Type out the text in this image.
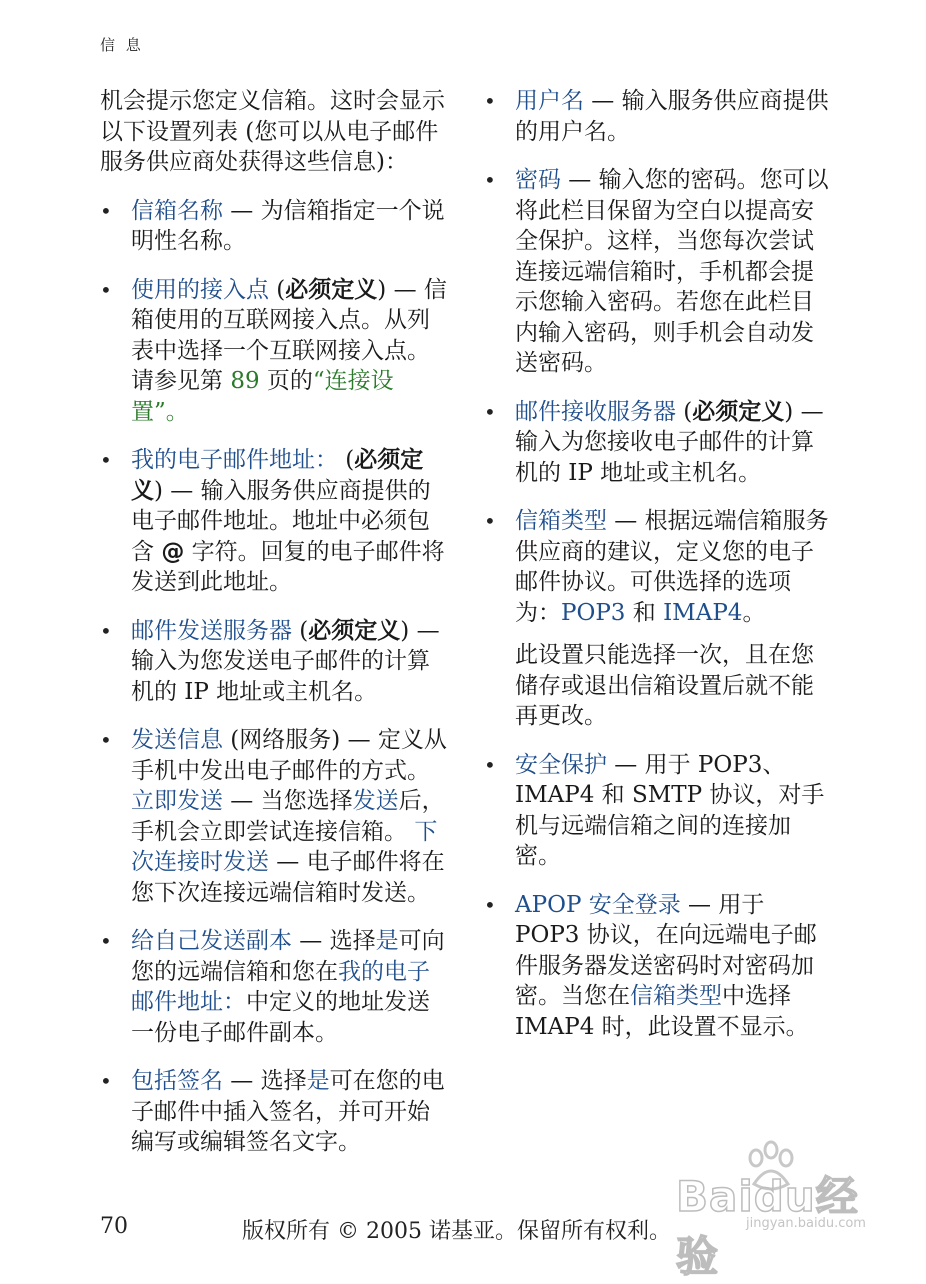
信 息

机会提示您定义信箱。这时会显示以下设置列表 (您可以从电子邮件服务供应商处获得这些信息)：

• 信箱名称 — 为信箱指定一个说明性名称。
• 使用的接入点 (必须定义) — 信箱使用的互联网接入点。从列表中选择一个互联网接入点。 请参见第 89 页的“连接设置”。
• 我的电子邮件地址： (必须定义) — 输入服务供应商提供的电子邮件地址。地址中必须包含 @ 字符。回复的电子邮件将发送到此地址。
• 邮件发送服务器 (必须定义) — 输入为您发送电子邮件的计算机的 IP 地址或主机名。
• 发送信息 (网络服务) — 定义从手机中发出电子邮件的方式。立即发送 — 当您选择发送后，手机会立即尝试连接信箱。 下次连接时发送 — 电子邮件将在您下次连接远端信箱时发送。
• 给自己发送副本 — 选择是可向您的远端信箱和您在我的电子邮件地址：中定义的地址发送一份电子邮件副本。
• 包括签名 — 选择是可在您的电子邮件中插入签名，并可开始编写或编辑签名文字。
• 用户名 — 输入服务供应商提供的用户名。
• 密码 — 输入您的密码。您可以将此栏目保留为空白以提高安全保护。这样，当您每次尝试连接远端信箱时，手机都会提示您输入密码。若您在此栏目内输入密码，则手机会自动发送密码。
• 邮件接收服务器 (必须定义) — 输入为您接收电子邮件的计算机的 IP 地址或主机名。
• 信箱类型 — 根据远端信箱服务供应商的建议，定义您的电子邮件协议。可供选择的选项为：POP3 和 IMAP4。

此设置只能选择一次，且在您储存或退出信箱设置后就不能再更改。

• 安全保护 — 用于 POP3、IMAP4 和 SMTP 协议，对手机与远端信箱之间的连接加密。
• APOP 安全登录 — 用于 POP3 协议，在向远端电子邮件服务器发送密码时对密码加密。当您在信箱类型中选择 IMAP4 时，此设置不显示。
Baidu经验
jingyan.baidu.com
70	版权所有 © 2005 诺基亚。保留所有权利。
